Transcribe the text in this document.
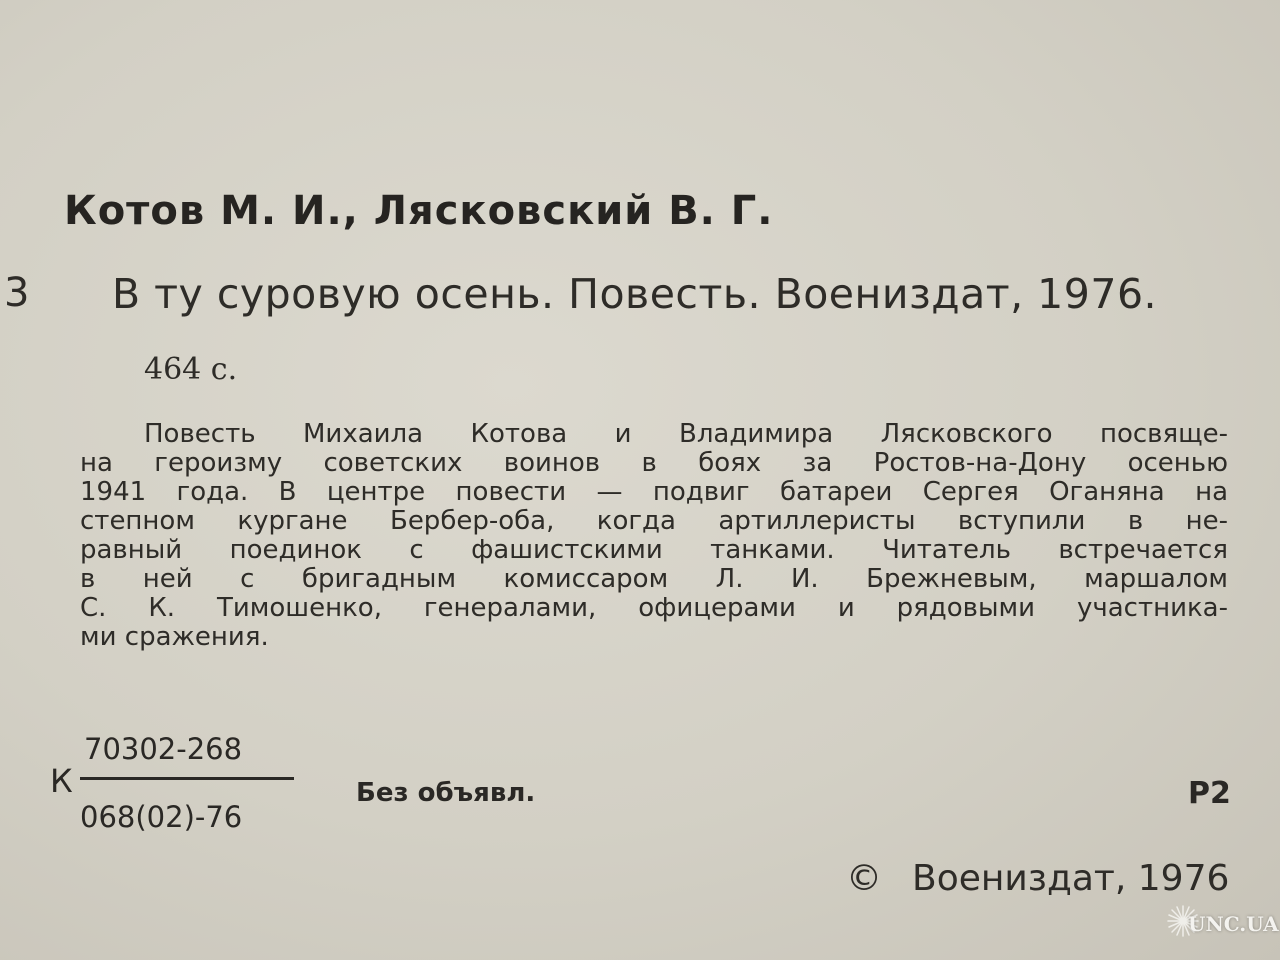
Котов М. И., Лясковский В. Г.
3 В ту суровую осень. Повесть. Воениздат, 1976.
464 с.
Повесть Михаила Котова и Владимира Лясковского посвяще-
на героизму советских воинов в боях за Ростов-на-Дону осенью
1941 года. В центре повести — подвиг батареи Сергея Оганяна на
степном кургане Бербер-оба, когда артиллеристы вступили в не-
равный поединок с фашистскими танками. Читатель встречается
в ней с бригадным комиссаром Л. И. Брежневым, маршалом
С. К. Тимошенко, генералами, офицерами и рядовыми участника-
ми сражения.
К
70302-268
068(02)-76
Без объявл.	Р2
© Воениздат, 1976
UNC.UA
